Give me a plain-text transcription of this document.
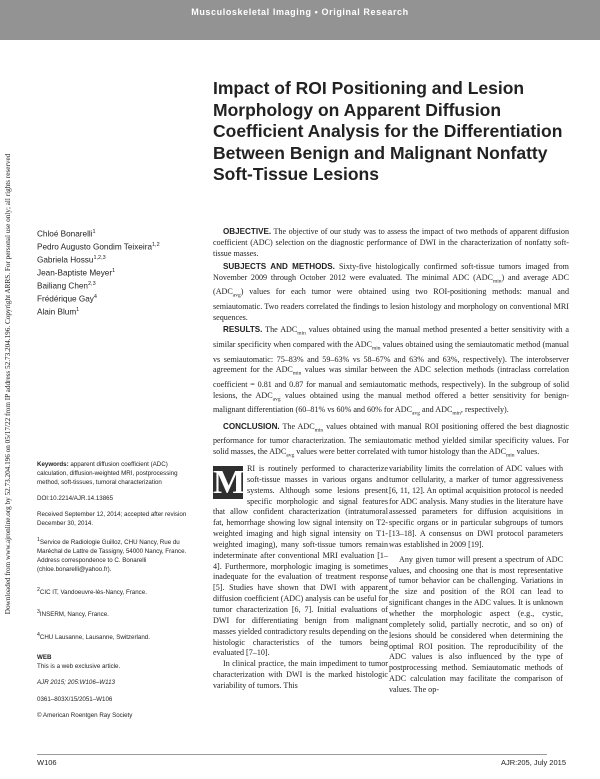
Musculoskeletal Imaging • Original Research
Downloaded from www.ajronline.org by 52.73.204.196 on 05/17/22 from IP address 52.73.204.196. Copyright ARRS. For personal use only; all rights reserved
Impact of ROI Positioning and Lesion Morphology on Apparent Diffusion Coefficient Analysis for the Differentiation Between Benign and Malignant Nonfatty Soft-Tissue Lesions

Chloé Bonarelli$^1$

Pedro Augusto Gondim Teixeira$^{1,2}$

Gabriela Hossu$^{1,2,3}$

Jean-Baptiste Meyer$^1$

Bailiang Chen$^{2,3}$

Frédérique Gay$^4$

Alain Blum$^1$

OBJECTIVE. The objective of our study was to assess the impact of two methods of apparent diffusion coefficient (ADC) selection on the diagnostic performance of DWI in the characterization of nonfatty soft-tissue masses.

SUBJECTS AND METHODS. Sixty-five histologically confirmed soft-tissue tumors imaged from November 2009 through October 2012 were evaluated. The minimal ADC $(ADC_{min})$ and average ADC $(ADC_{avg})$ values for each tumor were obtained using two ROI-positioning methods: manual and semiautomatic. Two readers correlated the findings to lesion histology and morphology on conventional MRI sequences.

RESULTS. The $ADC_{min}$ values obtained using the manual method presented a better sensitivity with a similar specificity when compared with the $ADC_{min}$ values obtained using the semiautomatic method (manual vs semiautomatic: 75–83% and 59–63% vs 58–67% and 63% and 63%, respectively). The interobserver agreement for the $ADC_{min}$ values was similar between the ADC selection methods (intraclass correlation coefficient = 0.81 and 0.87 for manual and semiautomatic methods, respectively). In the subgroup of solid lesions, the $ADC_{avg}$ values obtained using the manual method offered a better sensitivity for benign-malignant differentiation (60–81% vs 60% and 60% for $ADC_{avg}$ and $ADC_{min}$, respectively).

CONCLUSION. The $ADC_{min}$ values obtained with manual ROI positioning offered the best diagnostic performance for tumor characterization. The semiautomatic method yielded similar specificity values. For solid masses, the $ADC_{avg}$ values were better correlated with tumor histology than the $ADC_{min}$ values.

Keywords: apparent diffusion coefficient (ADC) calculation, diffusion-weighted MRI, postprocessing method, soft-tissues, tumoral characterization

DOI:10.2214/AJR.14.13865

Received September 12, 2014; accepted after revision December 30, 2014.

$^1$Service de Radiologie Guilloz, CHU Nancy, Rue du Maréchal de Lattre de Tassigny, 54000 Nancy, France. Address correspondence to C. Bonarelli (chloe.bonarelli@yahoo.fr).

$^2$CIC IT, Vandoeuvre-lès-Nancy, France.

$^3$INSERM, Nancy, France.

$^4$CHU Lausanne, Lausanne, Switzerland.

WEB
This is a web exclusive article.

AJR 2015; 205:W106–W113

0361–803X/15/2051–W106

© American Roentgen Ray Society

M RI is routinely performed to characterize soft-tissue masses in various organs and systems. Although some lesions present specific morphologic and signal features that allow confident characterization (intratumoral fat, hemorrhage showing low signal intensity on T2-weighted imaging and high signal intensity on T1-weighted imaging), many soft-tissue tumors remain indeterminate after conventional MRI evaluation [1–4]. Furthermore, morphologic imaging is sometimes inadequate for the evaluation of treatment response [5]. Studies have shown that DWI with apparent diffusion coefficient (ADC) analysis can be useful for tumor characterization [6, 7]. Initial evaluations of DWI for differentiating benign from malignant masses yielded contradictory results depending on the histologic characteristics of the tumors being evaluated [7–10].

In clinical practice, the main impediment to tumor characterization with DWI is the marked histologic variability of tumors. This

variability limits the correlation of ADC values with tumor cellularity, a marker of tumor aggressiveness [6, 11, 12]. An optimal acquisition protocol is needed for ADC analysis. Many studies in the literature have assessed parameters for diffusion acquisitions in specific organs or in particular subgroups of tumors [13–18]. A consensus on DWI protocol parameters was established in 2009 [19].

Any given tumor will present a spectrum of ADC values, and choosing one that is most representative of tumor behavior can be challenging. Variations in the size and position of the ROI can lead to significant changes in the ADC values. It is unknown whether the morphologic aspect (e.g., cystic, completely solid, partially necrotic, and so on) of lesions should be considered when determining the optimal ROI position. The reproducibility of the ADC values is also influenced by the type of postprocessing method. Semiautomatic methods of ADC calculation may facilitate the comparison of values. The op-

W106	AJR:205, July 2015
